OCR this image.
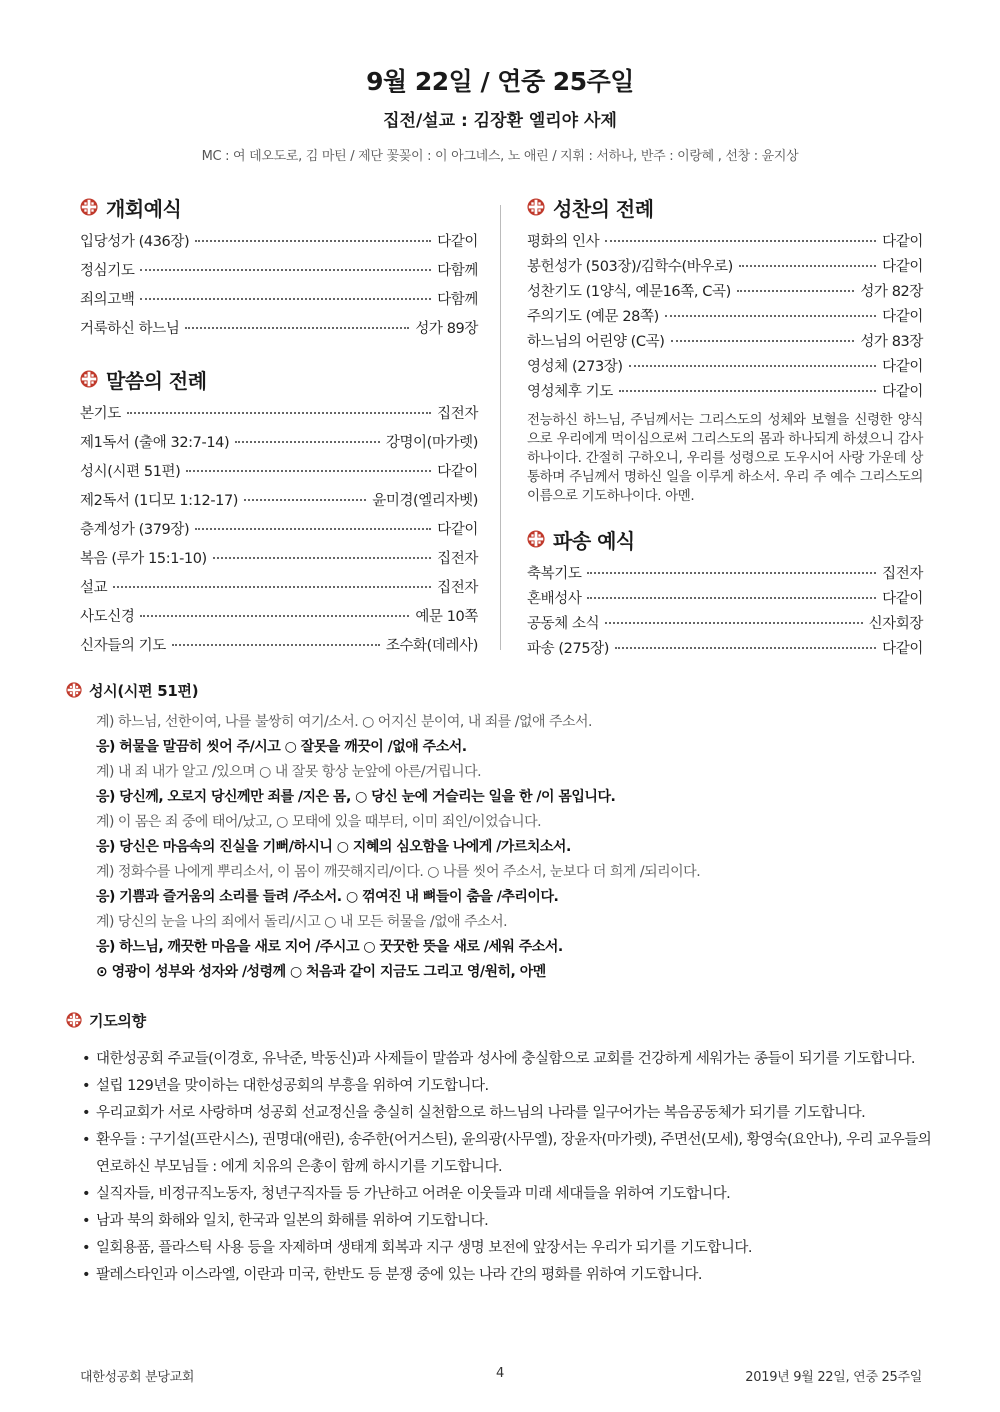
9월 22일 / 연중 25주일
집전/설교 : 김장환 엘리야 사제
MC : 여 데오도로, 김 마틴 / 제단 꽃꽂이 : 이 아그네스, 노 애린 / 지휘 : 서하나, 반주 : 이랑혜 , 선창 : 윤지상
개회예식
입당성가 (436장)	다같이
정심기도	다함께
죄의고백	다함께
거룩하신 하느님	성가 89장
말씀의 전례
본기도	집전자
제1독서 (출애 32:7-14)	강명이(마가렛)
성시(시편 51편)	다같이
제2독서 (1디모 1:12-17)	윤미경(엘리자벳)
층계성가 (379장)	다같이
복음 (루가 15:1-10)	집전자
설교	집전자
사도신경	예문 10쪽
신자들의 기도	조수화(데레사)
성찬의 전례
평화의 인사	다같이
봉헌성가 (503장)/김학수(바우로)	다같이
성찬기도 (1양식, 예문16쪽, C곡)	성가 82장
주의기도 (예문 28쪽)	다같이
하느님의 어린양 (C곡)	성가 83장
영성체 (273장)	다같이
영성체후 기도	다같이
전능하신 하느님, 주님께서는 그리스도의 성체와 보혈을 신령한 양식으로 우리에게 먹이심으로써 그리스도의 몸과 하나되게 하셨으니 감사하나이다. 간절히 구하오니, 우리를 성령으로 도우시어 사랑 가운데 상통하며 주님께서 명하신 일을 이루게 하소서. 우리 주 예수 그리스도의 이름으로 기도하나이다. 아멘.
파송 예식
축복기도	집전자
혼배성사	다같이
공동체 소식	신자회장
파송 (275장)	다같이
성시(시편 51편)
계) 하느님, 선한이여, 나를 불쌍히 여기/소서. ○ 어지신 분이여, 내 죄를 /없애 주소서.
응) 허물을 말끔히 씻어 주/시고 ○ 잘못을 깨끗이 /없애 주소서.
계) 내 죄 내가 알고 /있으며 ○ 내 잘못 항상 눈앞에 아른/거립니다.
응) 당신께, 오로지 당신께만 죄를 /지은 몸, ○ 당신 눈에 거슬리는 일을 한 /이 몸입니다.
계) 이 몸은 죄 중에 태어/났고, ○ 모태에 있을 때부터, 이미 죄인/이었습니다.
응) 당신은 마음속의 진실을 기뻐/하시니 ○ 지혜의 심오함을 나에게 /가르치소서.
계) 정화수를 나에게 뿌리소서, 이 몸이 깨끗해지리/이다. ○ 나를 씻어 주소서, 눈보다 더 희게 /되리이다.
응) 기쁨과 즐거움의 소리를 들려 /주소서. ○ 꺾여진 내 뼈들이 춤을 /추리이다.
계) 당신의 눈을 나의 죄에서 돌리/시고 ○ 내 모든 허물을 /없애 주소서.
응) 하느님, 깨끗한 마음을 새로 지어 /주시고 ○ 꿋꿋한 뜻을 새로 /세워 주소서.
⊙ 영광이 성부와 성자와 /성령께 ○ 처음과 같이 지금도 그리고 영/원히, 아멘
기도의향
• 대한성공회 주교들(이경호, 유낙준, 박동신)과 사제들이 말씀과 성사에 충실함으로 교회를 건강하게 세워가는 종들이 되기를 기도합니다.
• 설립 129년을 맞이하는 대한성공회의 부흥을 위하여 기도합니다.
• 우리교회가 서로 사랑하며 성공회 선교정신을 충실히 실천함으로 하느님의 나라를 일구어가는 복음공동체가 되기를 기도합니다.
• 환우들 : 구기설(프란시스), 권명대(애린), 송주한(어거스틴), 윤의광(사무엘), 장윤자(마가렛), 주면선(모세), 황영숙(요안나), 우리 교우들의 연로하신 부모님들 : 에게 치유의 은총이 함께 하시기를 기도합니다.
• 실직자들, 비정규직노동자, 청년구직자들 등 가난하고 어려운 이웃들과 미래 세대들을 위하여 기도합니다.
• 남과 북의 화해와 일치, 한국과 일본의 화해를 위하여 기도합니다.
• 일회용품, 플라스틱 사용 등을 자제하며 생태계 회복과 지구 생명 보전에 앞장서는 우리가 되기를 기도합니다.
• 팔레스타인과 이스라엘, 이란과 미국, 한반도 등 분쟁 중에 있는 나라 간의 평화를 위하여 기도합니다.
대한성공회 분당교회	4	2019년 9월 22일, 연중 25주일
